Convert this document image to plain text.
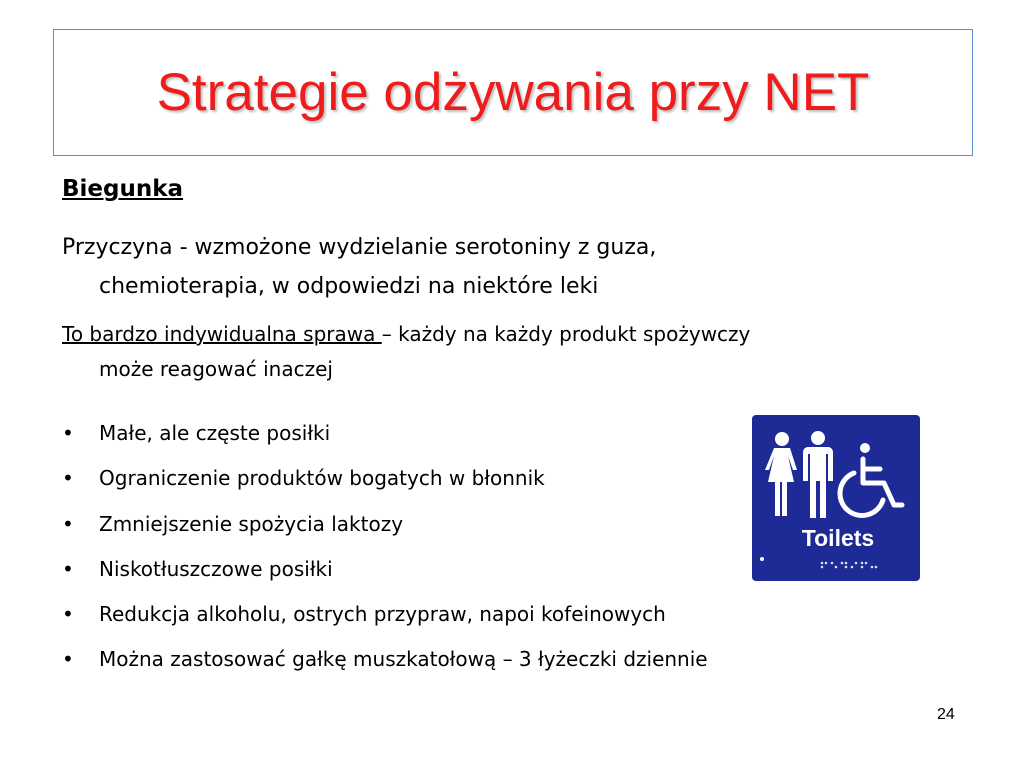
Strategie odżywania przy NET
Biegunka
Przyczyna - wzmożone wydzielanie serotoniny z guza,
chemioterapia, w odpowiedzi na niektóre leki
To bardzo indywidualna sprawa – każdy na każdy produkt spożywczy
może reagować inaczej
•	Małe, ale częste posiłki
•	Ograniczenie produktów bogatych w błonnik
•	Zmniejszenie spożycia laktozy
•	Niskotłuszczowe posiłki
•	Redukcja alkoholu, ostrych przypraw, napoi kofeinowych
•	Można zastosować gałkę muszkatołową – 3 łyżeczki dziennie
Toilets
24
